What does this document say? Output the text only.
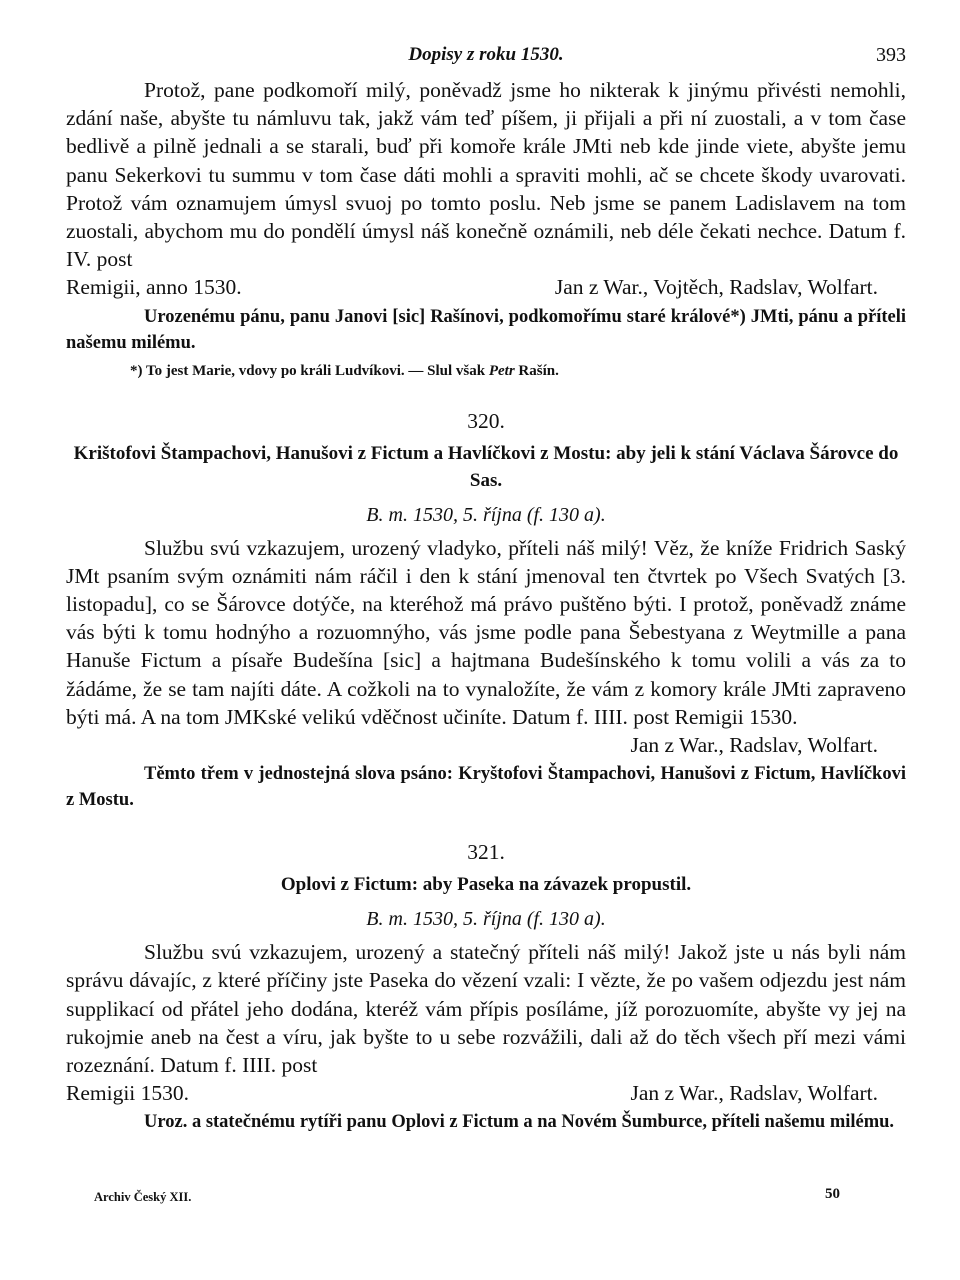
Dopisy z roku 1530.	393

Protož, pane podkomoří milý, poněvadž jsme ho nikterak k jinýmu přivésti nemohli, zdání naše, abyšte tu námluvu tak, jakž vám teď píšem, ji přijali a při ní zuostali, a v tom čase bedlivě a pilně jednali a se starali, buď při komoře krále JMti neb kde jinde viete, abyšte jemu panu Sekerkovi tu summu v tom čase dáti mohli a spraviti mohli, ač se chcete škody uvarovati. Protož vám oznamujem úmysl svuoj po tomto poslu. Neb jsme se panem Ladislavem na tom zuostali, abychom mu do pondělí úmysl náš konečně oznámili, neb déle čekati nechce. Datum f. IV. post

Remigii, anno 1530.	Jan z War., Vojtěch, Radslav, Wolfart.

Urozenému pánu, panu Janovi [sic] Rašínovi, podkomořímu staré králové*) JMti, pánu a příteli našemu milému.

*) To jest Marie, vdovy po králi Ludvíkovi. — Slul však Petr Rašín.

320.

Krištofovi Štampachovi, Hanušovi z Fictum a Havlíčkovi z Mostu: aby jeli k stání Václava Šárovce do Sas.

B. m. 1530, 5. října (f. 130 a).

Službu svú vzkazujem, urozený vladyko, příteli náš milý! Věz, že kníže Fridrich Saský JMt psaním svým oznámiti nám ráčil i den k stání jmenoval ten čtvrtek po Všech Svatých [3. listopadu], co se Šárovce dotýče, na kteréhož má právo puštěno býti. I protož, poněvadž známe vás býti k tomu hodnýho a rozuomnýho, vás jsme podle pana Šebestyana z Weytmille a pana Hanuše Fictum a písaře Budešína [sic] a hajtmana Budešínského k tomu volili a vás za to žádáme, že se tam najíti dáte. A cožkoli na to vynaložíte, že vám z komory krále JMti zapraveno býti má. A na tom JMKské velikú vděčnost učiníte. Datum f. IIII. post Remigii 1530.

Jan z War., Radslav, Wolfart.

Těmto třem v jednostejná slova psáno: Kryštofovi Štampachovi, Hanušovi z Fictum, Havlíčkovi z Mostu.

321.

Oplovi z Fictum: aby Paseka na závazek propustil.

B. m. 1530, 5. října (f. 130 a).

Službu svú vzkazujem, urozený a statečný příteli náš milý! Jakož jste u nás byli nám správu dávajíc, z které příčiny jste Paseka do vězení vzali: I vězte, že po vašem odjezdu jest nám supplikací od přátel jeho dodána, kteréž vám přípis posíláme, jíž porozuomíte, abyšte vy jej na rukojmie aneb na čest a víru, jak byšte to u sebe rozvážili, dali až do těch všech pří mezi vámi rozeznání. Datum f. IIII. post

Remigii 1530.	Jan z War., Radslav, Wolfart.

Uroz. a statečnému rytíři panu Oplovi z Fictum a na Novém Šumburce, příteli našemu milému.

Archiv Český XII.	50
